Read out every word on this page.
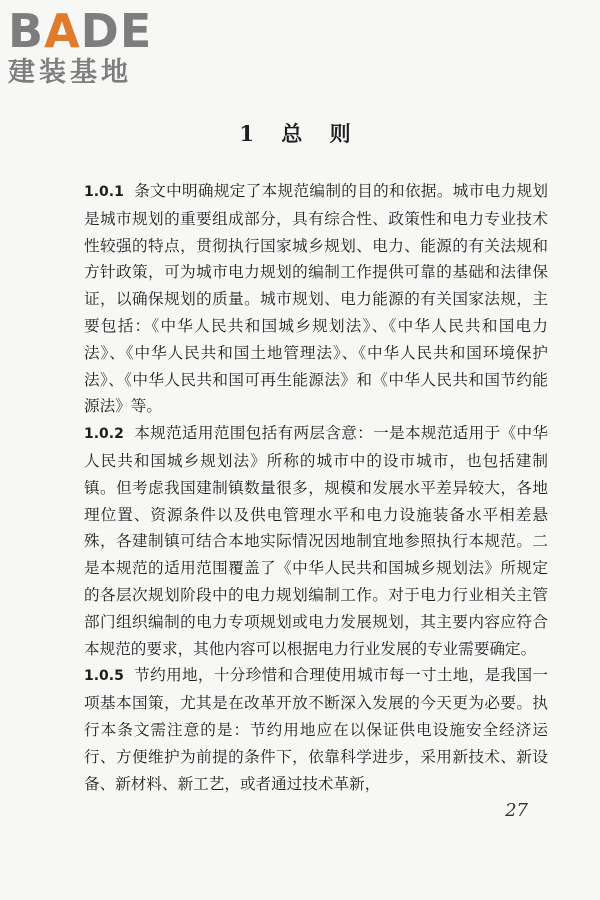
BADE

建装基地

1 总 则

1.0.1 条文中明确规定了本规范编制的目的和依据。城市电力规划是城市规划的重要组成部分，具有综合性、政策性和电力专业技术性较强的特点，贯彻执行国家城乡规划、电力、能源的有关法规和方针政策，可为城市电力规划的编制工作提供可靠的基础和法律保证，以确保规划的质量。城市规划、电力能源的有关国家法规，主要包括：《中华人民共和国城乡规划法》、《中华人民共和国电力法》、《中华人民共和国土地管理法》、《中华人民共和国环境保护法》、《中华人民共和国可再生能源法》和《中华人民共和国节约能源法》等。

1.0.2 本规范适用范围包括有两层含意：一是本规范适用于《中华人民共和国城乡规划法》所称的城市中的设市城市，也包括建制镇。但考虑我国建制镇数量很多，规模和发展水平差异较大，各地理位置、资源条件以及供电管理水平和电力设施装备水平相差悬殊，各建制镇可结合本地实际情况因地制宜地参照执行本规范。二是本规范的适用范围覆盖了《中华人民共和国城乡规划法》所规定的各层次规划阶段中的电力规划编制工作。对于电力行业相关主管部门组织编制的电力专项规划或电力发展规划，其主要内容应符合本规范的要求，其他内容可以根据电力行业发展的专业需要确定。

1.0.5 节约用地，十分珍惜和合理使用城市每一寸土地，是我国一项基本国策，尤其是在改革开放不断深入发展的今天更为必要。执行本条文需注意的是：节约用地应在以保证供电设施安全经济运行、方便维护为前提的条件下，依靠科学进步，采用新技术、新设备、新材料、新工艺，或者通过技术革新，

27
